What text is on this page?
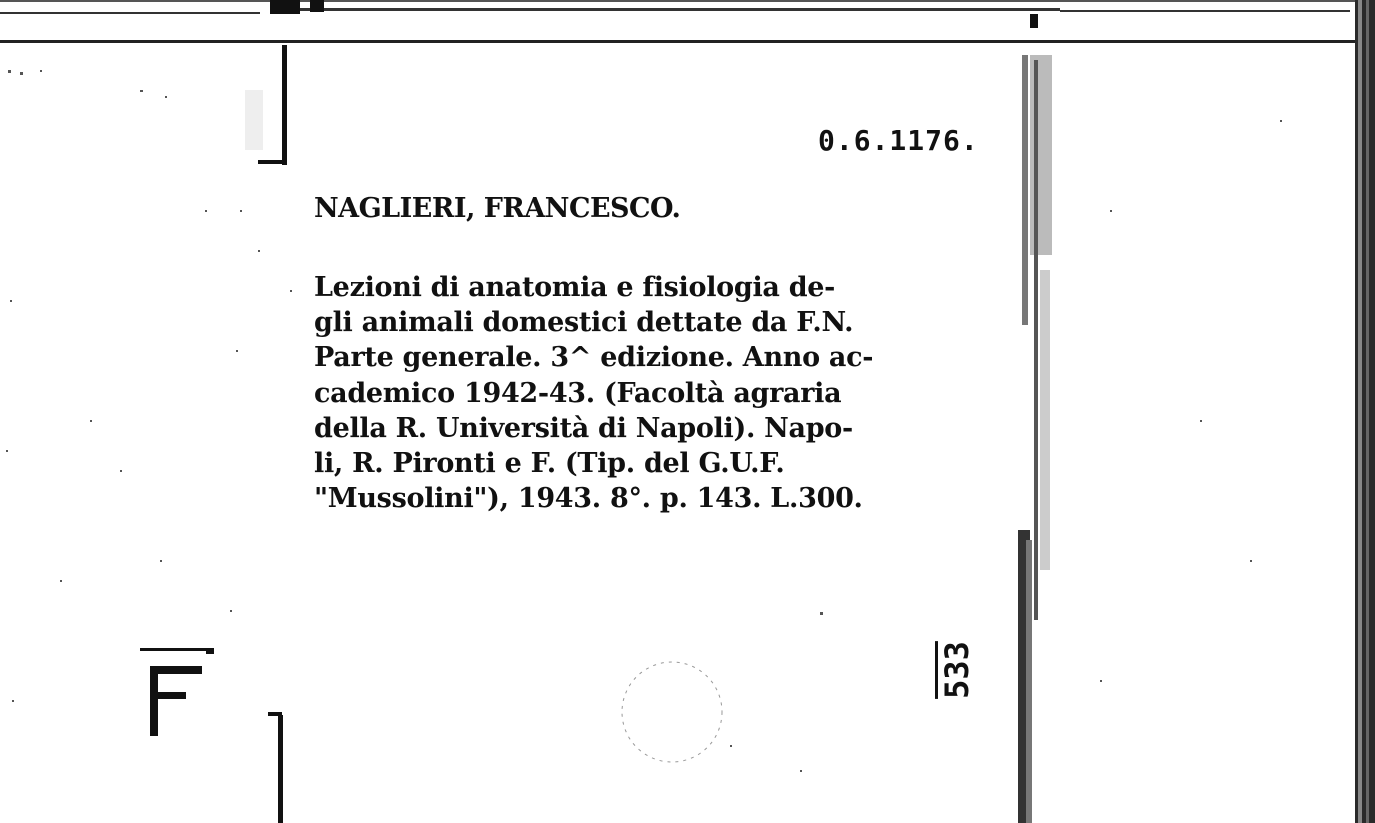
0.6.1176.
NAGLIERI, FRANCESCO.
Lezioni di anatomia e fisiologia de-
gli animali domestici dettate da F.N.
Parte generale. 3^ edizione. Anno ac-
cademico 1942-43. (Facoltà agraria
della R. Università di Napoli). Napo-
li, R. Pironti e F. (Tip. del G.U.F.
"Mussolini"), 1943. 8°. p. 143. L.300.
533
